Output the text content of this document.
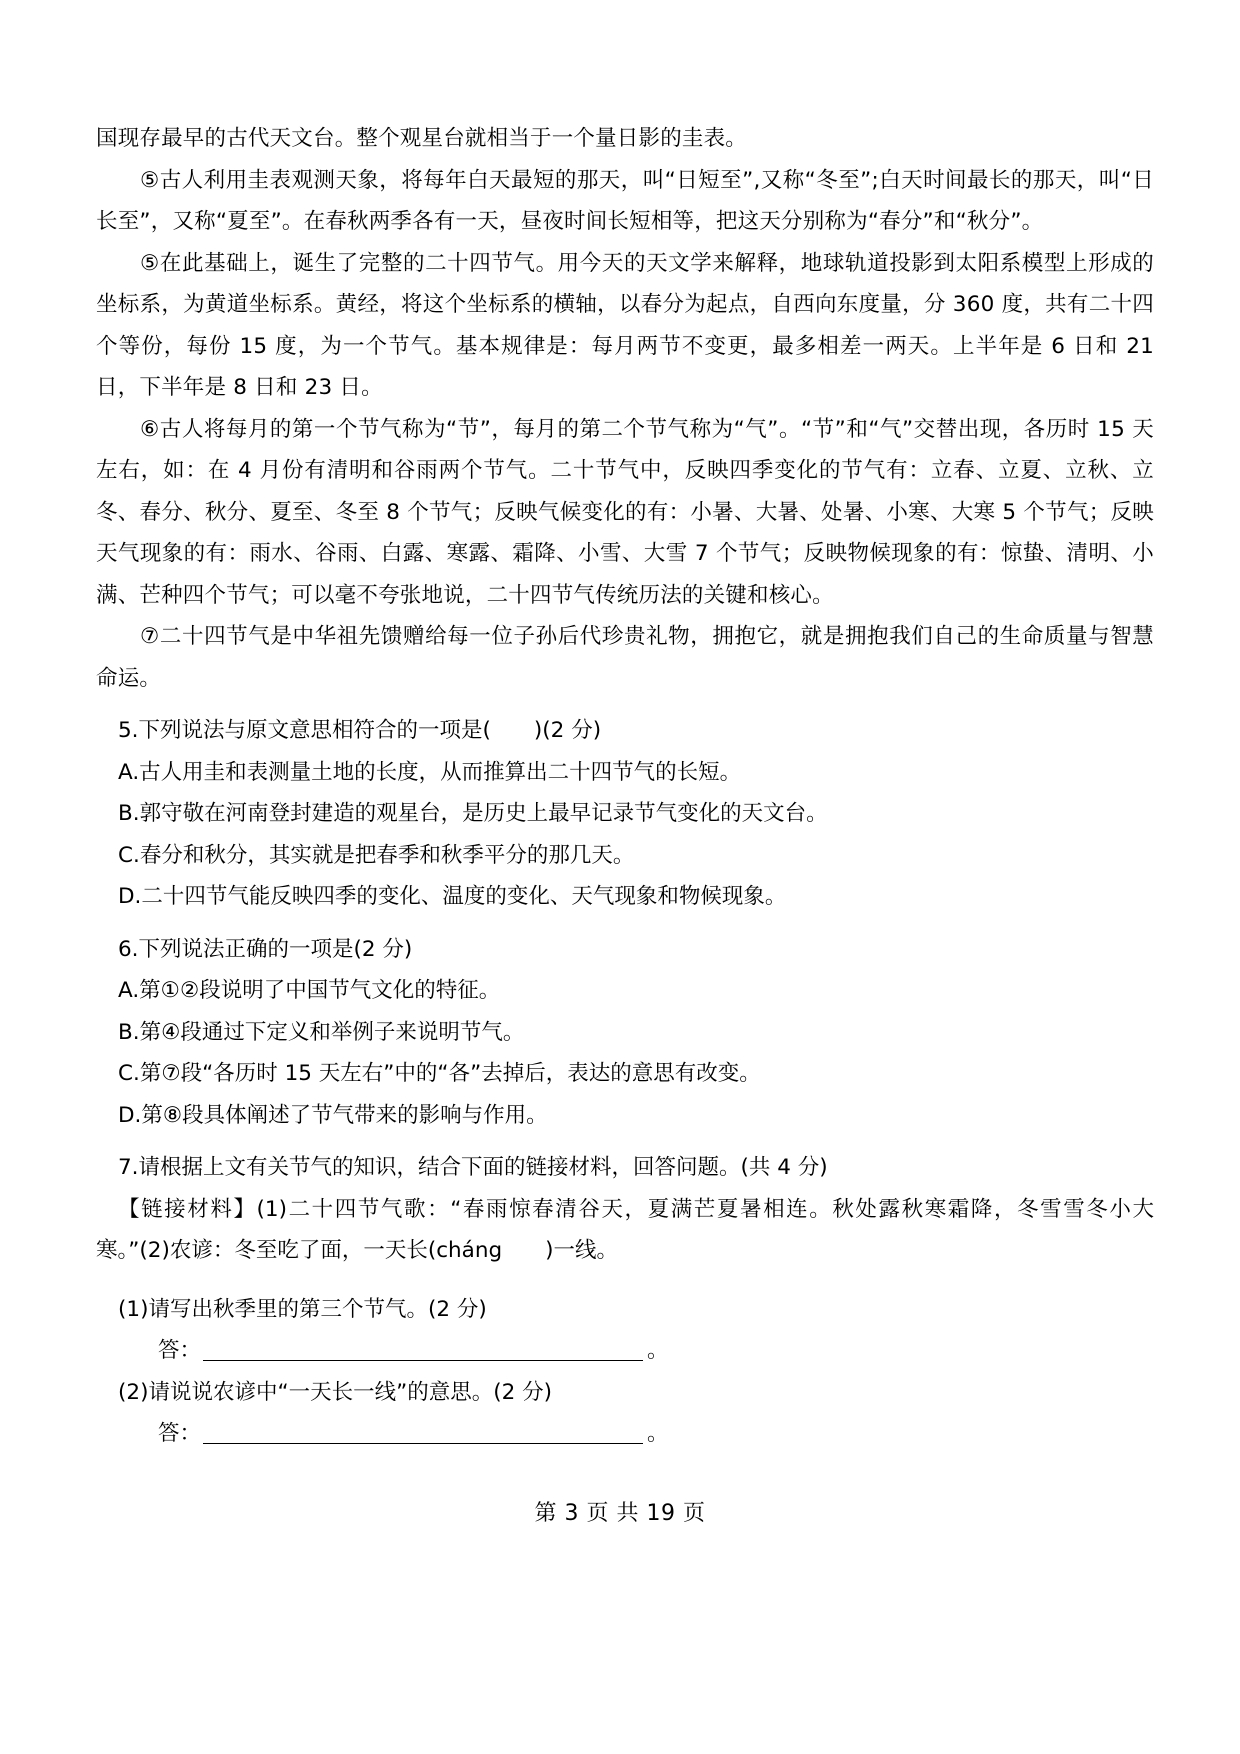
国现存最早的古代天文台。整个观星台就相当于一个量日影的圭表。

⑤古人利用圭表观测天象，将每年白天最短的那天，叫“日短至”,又称“冬至”;白天时间最长的那天，叫“日长至”，又称“夏至”。在春秋两季各有一天，昼夜时间长短相等，把这天分别称为“春分”和“秋分”。

⑤在此基础上，诞生了完整的二十四节气。用今天的天文学来解释，地球轨道投影到太阳系模型上形成的坐标系，为黄道坐标系。黄经，将这个坐标系的横轴，以春分为起点，自西向东度量，分 360 度，共有二十四个等份，每份 15 度，为一个节气。基本规律是：每月两节不变更，最多相差一两天。上半年是 6 日和 21 日，下半年是 8 日和 23 日。

⑥古人将每月的第一个节气称为“节”，每月的第二个节气称为“气”。“节”和“气”交替出现，各历时 15 天左右，如：在 4 月份有清明和谷雨两个节气。二十节气中，反映四季变化的节气有：立春、立夏、立秋、立冬、春分、秋分、夏至、冬至 8 个节气；反映气候变化的有：小暑、大暑、处暑、小寒、大寒 5 个节气；反映天气现象的有：雨水、谷雨、白露、寒露、霜降、小雪、大雪 7 个节气；反映物候现象的有：惊蛰、清明、小满、芒种四个节气；可以毫不夸张地说，二十四节气传统历法的关键和核心。

⑦二十四节气是中华祖先馈赠给每一位子孙后代珍贵礼物，拥抱它，就是拥抱我们自己的生命质量与智慧命运。

5.下列说法与原文意思相符合的一项是(　　)(2 分)

A.古人用圭和表测量土地的长度，从而推算出二十四节气的长短。

B.郭守敬在河南登封建造的观星台，是历史上最早记录节气变化的天文台。

C.春分和秋分，其实就是把春季和秋季平分的那几天。

D.二十四节气能反映四季的变化、温度的变化、天气现象和物候现象。

6.下列说法正确的一项是(2 分)

A.第①②段说明了中国节气文化的特征。

B.第④段通过下定义和举例子来说明节气。

C.第⑦段“各历时 15 天左右”中的“各”去掉后，表达的意思有改变。

D.第⑧段具体阐述了节气带来的影响与作用。

7.请根据上文有关节气的知识，结合下面的链接材料，回答问题。(共 4 分)

【链接材料】(1)二十四节气歌：“春雨惊春清谷天，夏满芒夏暑相连。秋处露秋寒霜降，冬雪雪冬小大寒。”(2)农谚：冬至吃了面，一天长(cháng　　)一线。

(1)请写出秋季里的第三个节气。(2 分)

答：	。

(2)请说说农谚中“一天长一线”的意思。(2 分)

答：	。

第 3 页 共 19 页
